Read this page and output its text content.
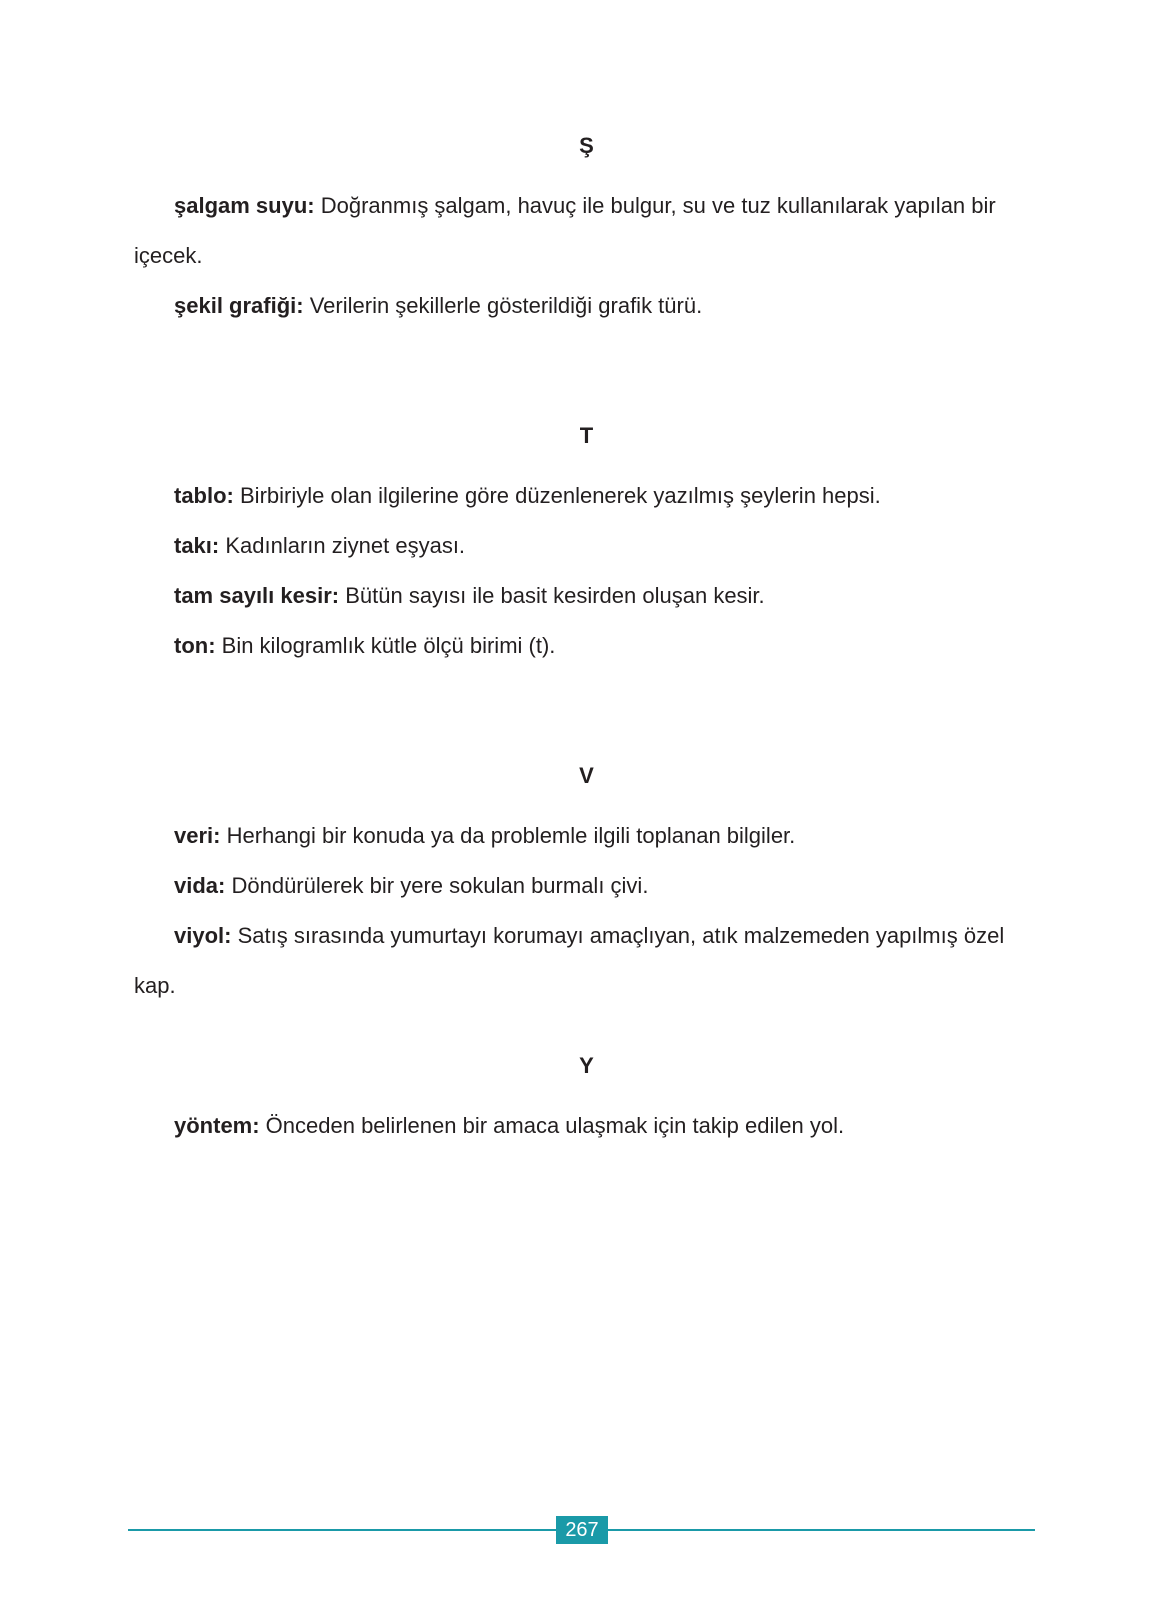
Ş

şalgam suyu: Doğranmış şalgam, havuç ile bulgur, su ve tuz kullanılarak yapılan bir içecek.

şekil grafiği: Verilerin şekillerle gösterildiği grafik türü.

T

tablo: Birbiriyle olan ilgilerine göre düzenlenerek yazılmış şeylerin hepsi.

takı: Kadınların ziynet eşyası.

tam sayılı kesir: Bütün sayısı ile basit kesirden oluşan kesir.

ton: Bin kilogramlık kütle ölçü birimi (t).

V

veri: Herhangi bir konuda ya da problemle ilgili toplanan bilgiler.

vida: Döndürülerek bir yere sokulan burmalı çivi.

viyol: Satış sırasında yumurtayı korumayı amaçlıyan, atık malzemeden yapılmış özel kap.

Y

yöntem: Önceden belirlenen bir amaca ulaşmak için takip edilen yol.

267
